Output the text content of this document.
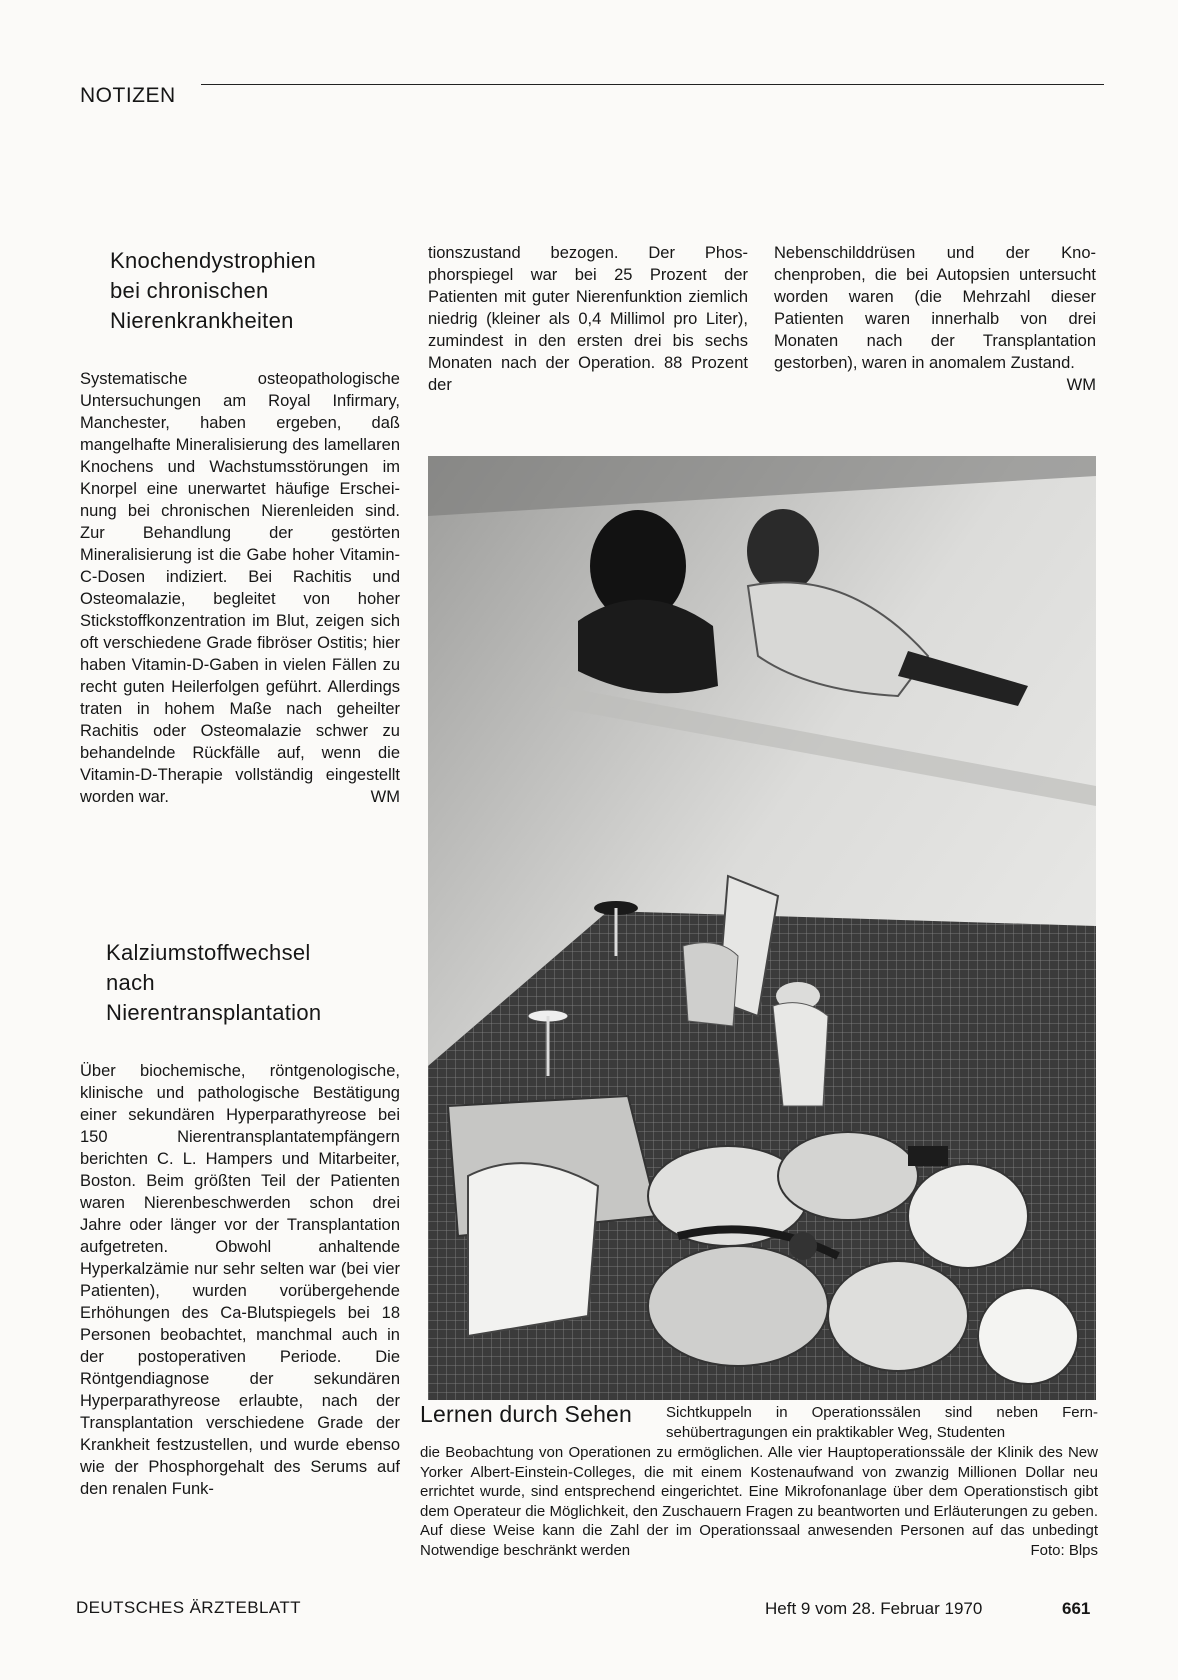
NOTIZEN
Knochendystrophien
bei chronischen
Nierenkrankheiten

Systematische osteopathologische Untersuchungen am Royal Infirmary, Manchester, haben ergeben, daß mangelhafte Mineralisierung des lamellaren Knochens und Wachstumsstörungen im Knorpel eine unerwartet häufige Erscheinung bei chronischen Nierenleiden sind. Zur Behandlung der gestörten Mineralisierung ist die Gabe hoher Vitamin-C-Dosen indiziert. Bei Rachitis und Osteomalazie, begleitet von hoher Stickstoffkonzentration im Blut, zeigen sich oft verschiedene Grade fibröser Ostitis; hier haben Vitamin-D-Gaben in vielen Fällen zu recht guten Heilerfolgen geführt. Allerdings traten in hohem Maße nach geheilter Rachitis oder Osteomalazie schwer zu behandelnde Rückfälle auf, wenn die Vitamin-D-Therapie vollständig eingestellt worden war.	WM

Kalziumstoffwechsel
nach
Nierentransplantation

Über biochemische, röntgenologische, klinische und pathologische Bestätigung einer sekundären Hyperparathyreose bei 150 Nierentransplantatempfängern berichten C. L. Hampers und Mitarbeiter, Boston. Beim größten Teil der Patienten waren Nierenbeschwerden schon drei Jahre oder länger vor der Transplantation aufgetreten. Obwohl anhaltende Hyperkalzämie nur sehr selten war (bei vier Patienten), wurden vorübergehende Erhöhungen des Ca-Blutspiegels bei 18 Personen beobachtet, manchmal auch in der postoperativen Periode. Die Röntgendiagnose der sekundären Hyperparathyreose erlaubte, nach der Transplantation verschiedene Grade der Krankheit festzustellen, und wurde ebenso wie der Phosphorgehalt des Serums auf den renalen Funk-

tionszustand bezogen. Der Phosphorspiegel war bei 25 Prozent der Patienten mit guter Nierenfunktion ziemlich niedrig (kleiner als 0,4 Millimol pro Liter), zumindest in den ersten drei bis sechs Monaten nach der Operation. 88 Prozent der

Nebenschilddrüsen und der Knochenproben, die bei Autopsien untersucht worden waren (die Mehrzahl dieser Patienten waren innerhalb von drei Monaten nach der Transplantation gestorben), waren in anomalem Zustand.
WM

Lernen durch Sehen Sichtkuppeln in Operationssälen sind neben Fernsehübertragungen ein praktikabler Weg, Studenten

die Beobachtung von Operationen zu ermöglichen. Alle vier Hauptoperationssäle der Klinik des New Yorker Albert-Einstein-Colleges, die mit einem Kostenaufwand von zwanzig Millionen Dollar neu errichtet wurde, sind entsprechend eingerichtet. Eine Mikrofonanlage über dem Operationstisch gibt dem Operateur die Möglichkeit, den Zuschauern Fragen zu beantworten und Erläuterungen zu geben. Auf diese Weise kann die Zahl der im Operationssaal anwesenden Personen auf das unbedingt Notwendige beschränkt werden	Foto: Blps

DEUTSCHES ÄRZTEBLATT	Heft 9 vom 28. Februar 1970	661
